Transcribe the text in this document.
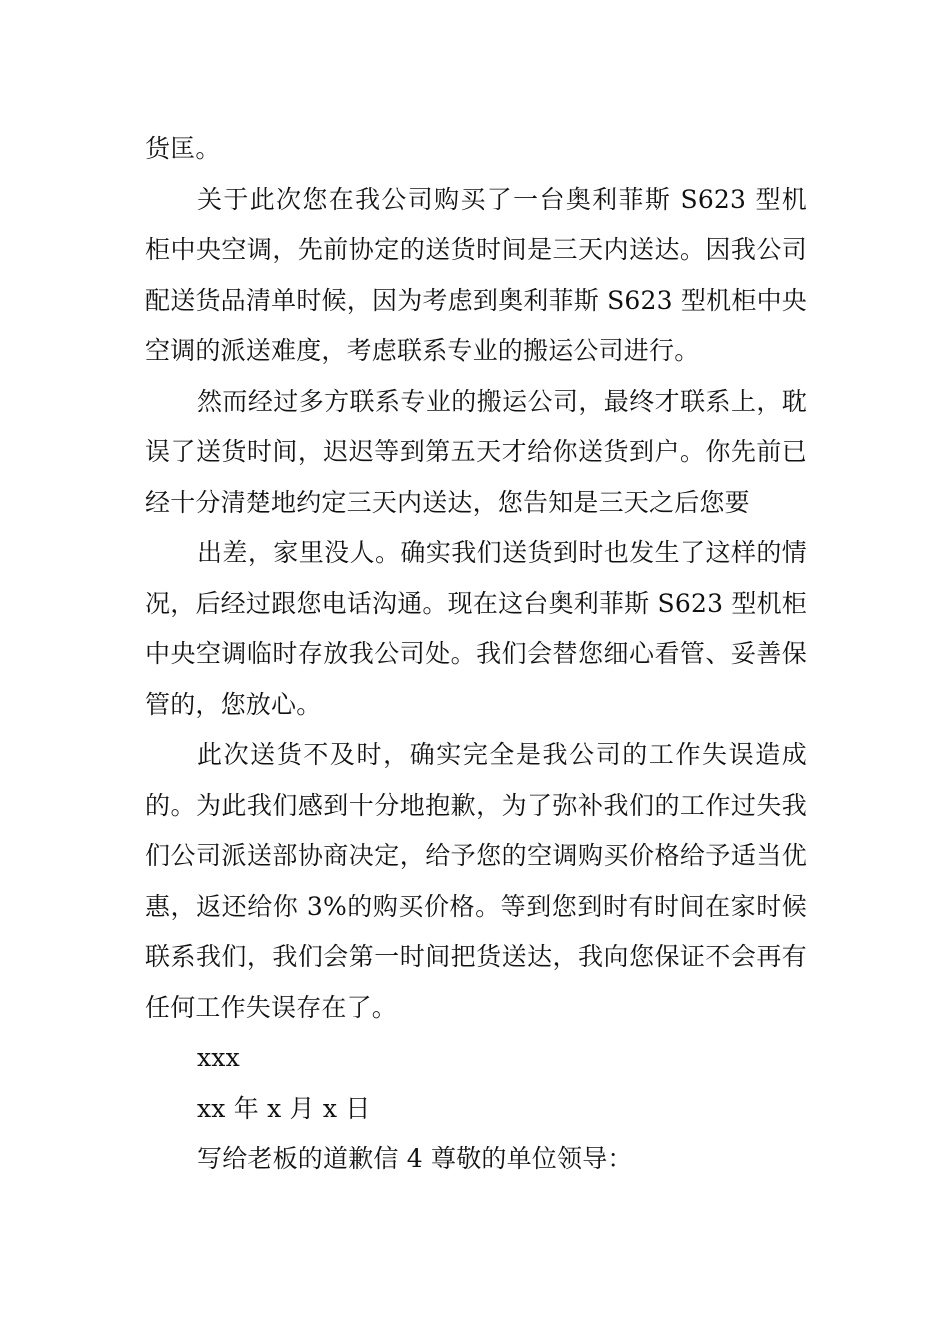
货匡。

关于此次您在我公司购买了一台奥利菲斯 S623 型机柜中央空调，先前协定的送货时间是三天内送达。因我公司配送货品清单时候，因为考虑到奥利菲斯 S623 型机柜中央空调的派送难度，考虑联系专业的搬运公司进行。

然而经过多方联系专业的搬运公司，最终才联系上，耽误了送货时间，迟迟等到第五天才给你送货到户。你先前已经十分清楚地约定三天内送达，您告知是三天之后您要

出差，家里没人。确实我们送货到时也发生了这样的情况，后经过跟您电话沟通。现在这台奥利菲斯 S623 型机柜中央空调临时存放我公司处。我们会替您细心看管、妥善保管的，您放心。

此次送货不及时，确实完全是我公司的工作失误造成的。为此我们感到十分地抱歉，为了弥补我们的工作过失我们公司派送部协商决定，给予您的空调购买价格给予适当优惠，返还给你 3%的购买价格。等到您到时有时间在家时候联系我们，我们会第一时间把货送达，我向您保证不会再有任何工作失误存在了。

xxx

xx 年 x 月 x 日

写给老板的道歉信 4 尊敬的单位领导：
